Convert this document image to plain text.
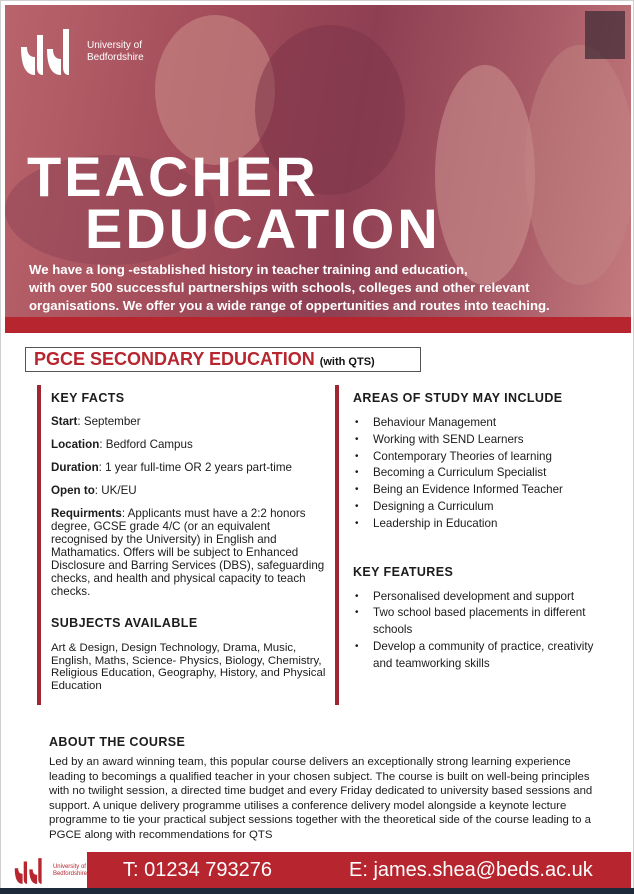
University of
Bedfordshire
TEACHER
EDUCATION
We have a long -established history in teacher training and education,
with over 500 successful partnerships with schools, colleges and other relevant
organisations. We offer you a wide range of oppertunities and routes into teaching.
PGCE SECONDARY EDUCATION (with QTS)
KEY FACTS
Start: September
Location: Bedford Campus
Duration: 1 year full-time OR 2 years part-time
Open to: UK/EU
Requirments: Applicants must have a 2:2 honors degree, GCSE grade 4/C (or an equivalent recognised by the University) in English and Mathamatics. Offers will be subject to Enhanced Disclosure and Barring Services (DBS), safeguarding checks, and health and physical capacity to teach checks.
SUBJECTS AVAILABLE
Art & Design, Design Technology, Drama, Music, English, Maths, Science- Physics, Biology, Chemistry, Religious Education, Geography, History, and Physical Education
AREAS OF STUDY MAY INCLUDE
• Behaviour Management
• Working with SEND Learners
• Contemporary Theories of learning
• Becoming a Curriculum Specialist
• Being an Evidence Informed Teacher
• Designing a Curriculum
• Leadership in Education
KEY FEATURES
• Personalised development and support
• Two school based placements in different schools
• Develop a community of practice, creativity and teamworking skills
ABOUT THE COURSE

Led by an award winning team, this popular course delivers an exceptionally strong learning experience leading to becomings a qualified teacher in your chosen subject. The course is built on well-being principles with no twilight session, a directed time budget and every Friday dedicated to university based sessions and support. A unique delivery programme utilises a conference delivery model alongside a keynote lecture programme to tie your practical subject sessions together with the theoretical side of the course leading to a PGCE along with recommendations for QTS

University of
Bedfordshire T: 01234 793276	E: james.shea@beds.ac.uk
